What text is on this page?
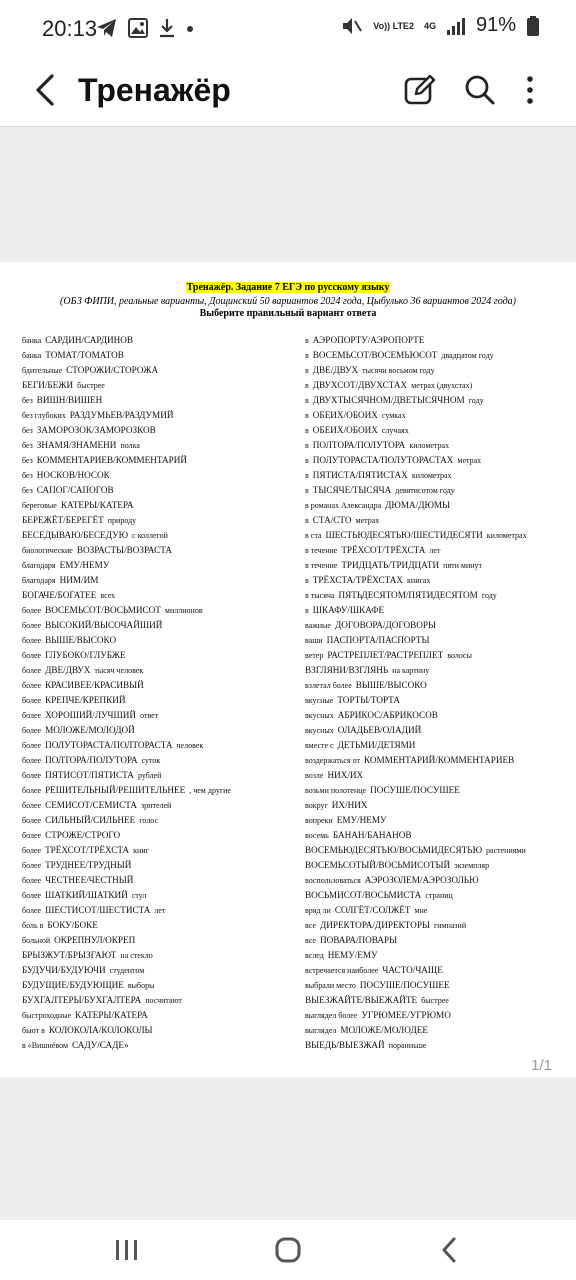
20:13	Vo)) LTE2 4G 91%
Тренажёр
Тренажёр. Задание 7 ЕГЭ по русскому языку
(ОБЗ ФИПИ, реальные варианты, Дощинский 50 вариантов 2024 года, Цыбулько 36 вариантов 2024 года)
Выберите правильный вариант ответа
банка САРДИН/САРДИНОВ
банка ТОМАТ/ТОМАТОВ
бдительные СТОРОЖИ/СТОРОЖА
БЕГИ/БЕЖИ быстрее
без ВИШН/ВИШЕН
без глубоких РАЗДУМЬЕВ/РАЗДУМИЙ
без ЗАМОРОЗОК/ЗАМОРОЗКОВ
без ЗНАМЯ/ЗНАМЕНИ полка
без КОММЕНТАРИЕВ/КОММЕНТАРИЙ
без НОСКОВ/НОСОК
без САПОГ/САПОГОВ
береговые КАТЕРЫ/КАТЕРА
БЕРЕЖЁТ/БЕРЕГЁТ природу
БЕСЕДЫВАЮ/БЕСЕДУЮ с коллегой
биологические ВОЗРАСТЫ/ВОЗРАСТА
благодаря ЕМУ/НЕМУ
благодаря НИМ/ИМ
БОГАЧЕ/БОГАТЕЕ всех
более ВОСЕМЬСОТ/ВОСЬМИСОТ миллионов
более ВЫСОКИЙ/ВЫСОЧАЙШИЙ
более ВЫШЕ/ВЫСОКО
более ГЛУБОКО/ГЛУБЖЕ
более ДВЕ/ДВУХ тысяч человек
более КРАСИВЕЕ/КРАСИВЫЙ
более КРЕПЧЕ/КРЕПКИЙ
более ХОРОШИЙ/ЛУЧШИЙ ответ
более МОЛОЖЕ/МОЛОДОЙ
более ПОЛУТОРАСТА/ПОЛТОРАСТА человек
более ПОЛТОРА/ПОЛУТОРА суток
более ПЯТИСОТ/ПЯТИСТА рублей
более РЕШИТЕЛЬНЫЙ/РЕШИТЕЛЬНЕЕ , чем другие
более СЕМИСОТ/СЕМИСТА зрителей
более СИЛЬНЫЙ/СИЛЬНЕЕ голос
более СТРОЖЕ/СТРОГО
более ТРЁХСОТ/ТРЁХСТА книг
более ТРУДНЕЕ/ТРУДНЫЙ
более ЧЕСТНЕЕ/ЧЕСТНЫЙ
более ШАТКИЙ/ШАТКИЙ стул
более ШЕСТИСОТ/ШЕСТИСТА лет
боль в БОКУ/БОКЕ
больной ОКРЕПНУЛ/ОКРЕП
БРЫЗЖУТ/БРЫЗГАЮТ на стекло
БУДУЧИ/БУДУЮЧИ студентом
БУДУЩИЕ/БУДУЮЩИЕ выборы
БУХГАЛТЕРЫ/БУХГАЛТЕРА посчитают
быстроходные КАТЕРЫ/КАТЕРА
бьют в КОЛОКОЛА/КОЛОКОЛЫ
в «Вишнёвом САДУ/САДЕ»
в АЭРОПОРТУ/АЭРОПОРТЕ
в ВОСЕМЬСОТ/ВОСЕМЬЮСОТ двадцатом году
в ДВЕ/ДВУХ тысячи восьмом году
в ДВУХСОТ/ДВУХСТАХ метрах (двухстах)
в ДВУХТЫСЯЧНОМ/ДВЕТЫСЯЧНОМ году
в ОБЕИХ/ОБОИХ сумках
в ОБЕИХ/ОБОИХ случаях
в ПОЛТОРА/ПОЛУТОРА километрах
в ПОЛУТОРАСТА/ПОЛУТОРАСТАХ метрах
в ПЯТИСТА/ПЯТИСТАХ километрах
в ТЫСЯЧЕ/ТЫСЯЧА девятисотом году
в романах Александра ДЮМА/ДЮМЫ
в СТА/СТО метрах
в ста ШЕСТЬЮДЕСЯТЬЮ/ШЕСТИДЕСЯТИ километрах
в течение ТРЁХСОТ/ТРЁХСТА лет
в течение ТРИДЦАТЬ/ТРИДЦАТИ пяти минут
в ТРЁХСТА/ТРЁХСТАХ книгах
в тысяча ПЯТЬДЕСЯТОМ/ПЯТИДЕСЯТОМ году
в ШКАФУ/ШКАФЕ
важные ДОГОВОРА/ДОГОВОРЫ
ваши ПАСПОРТА/ПАСПОРТЫ
ветер РАСТРЕПЛЕТ/РАСТРЕПЛЕТ волосы
ВЗГЛЯНИ/ВЗГЛЯНЬ на картину
взлетал более ВЫШЕ/ВЫСОКО
вкусные ТОРТЫ/ТОРТА
вкусных АБРИКОС/АБРИКОСОВ
вкусных ОЛАДЬЕВ/ОЛАДИЙ
вместе с ДЕТЬМИ/ДЕТЯМИ
воздержаться от КОММЕНТАРИЙ/КОММЕНТАРИЕВ
возле НИХ/ИХ
возьми полотенце ПОСУШЕ/ПОСУШЕЕ
вокруг ИХ/НИХ
вопреки ЕМУ/НЕМУ
восемь БАНАН/БАНАНОВ
ВОСЕМЬЮДЕСЯТЬЮ/ВОСЬМИДЕСЯТЬЮ растениями
ВОСЕМЬСОТЫЙ/ВОСЬМИСОТЫЙ экземпляр
воспользоваться АЭРОЗОЛЕМ/АЭРОЗОЛЬЮ
ВОСЬМИСОТ/ВОСЬМИСТА страниц
вряд ли СОЛГЁТ/СОЛЖЁТ мне
все ДИРЕКТОРА/ДИРЕКТОРЫ гимназий
все ПОВАРА/ПОВАРЫ
вслед НЕМУ/ЕМУ
встречается наиболее ЧАСТО/ЧАЩЕ
выбрали место ПОСУШЕ/ПОСУШЕЕ
ВЫЕЗЖАЙТЕ/ВЫЕЖАЙТЕ быстрее
выглядел более УГРЮМЕЕ/УГРЮМО
выглядел МОЛОЖЕ/МОЛОДЕЕ
ВЫЕДЬ/ВЫЕЗЖАЙ поранньше
1/1
